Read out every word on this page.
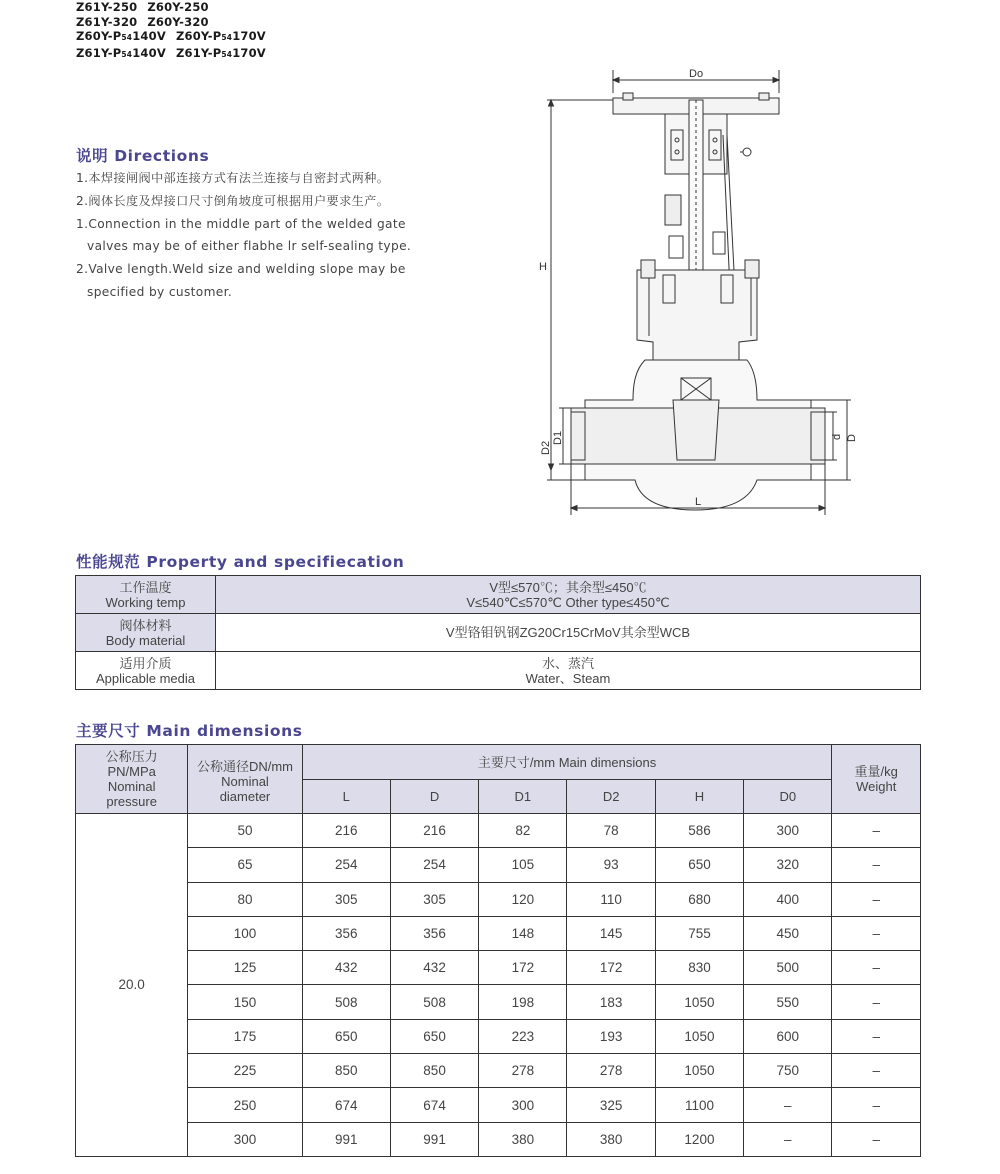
Z61Y-250 Z60Y-250
Z61Y-320 Z60Y-320
Z60Y-P54140V Z60Y-P54170V
Z61Y-P54140V Z61Y-P54170V
说明 Directions
1.本焊接闸阀中部连接方式有法兰连接与自密封式两种。
2.阀体长度及焊接口尺寸倒角坡度可根据用户要求生产。
1.Connection in the middle part of the welded gate
valves may be of either flabhe lr self-sealing type.
2.Valve length.Weld size and welding slope may be
specified by customer.
Do
H
D2
D1	d D
L
性能规范 Property and specifiecation
工作温度
Working temp	V型≤570℃；其余型≤450℃
V≤540℃≤570℃ Other type≤450℃
阀体材料
Body material	V型铬钼钒钢ZG20Cr15CrMoV其余型WCB
适用介质
Applicable media	水、蒸汽
Water、Steam
主要尺寸 Main dimensions
公称压力
PN/MPa
Nominal
pressure	公称通径DN/mm
Nominal
diameter	主要尺寸/mm Main dimensions						重量/kg
Weight
		L	D	D1	D2	H	D0	
20.0	50	216	216	82	78	586	300	–
	65	254	254	105	93	650	320	–
	80	305	305	120	110	680	400	–
	100	356	356	148	145	755	450	–
	125	432	432	172	172	830	500	–
	150	508	508	198	183	1050	550	–
	175	650	650	223	193	1050	600	–
	225	850	850	278	278	1050	750	–
	250	674	674	300	325	1100	–	–
	300	991	991	380	380	1200	–	–
